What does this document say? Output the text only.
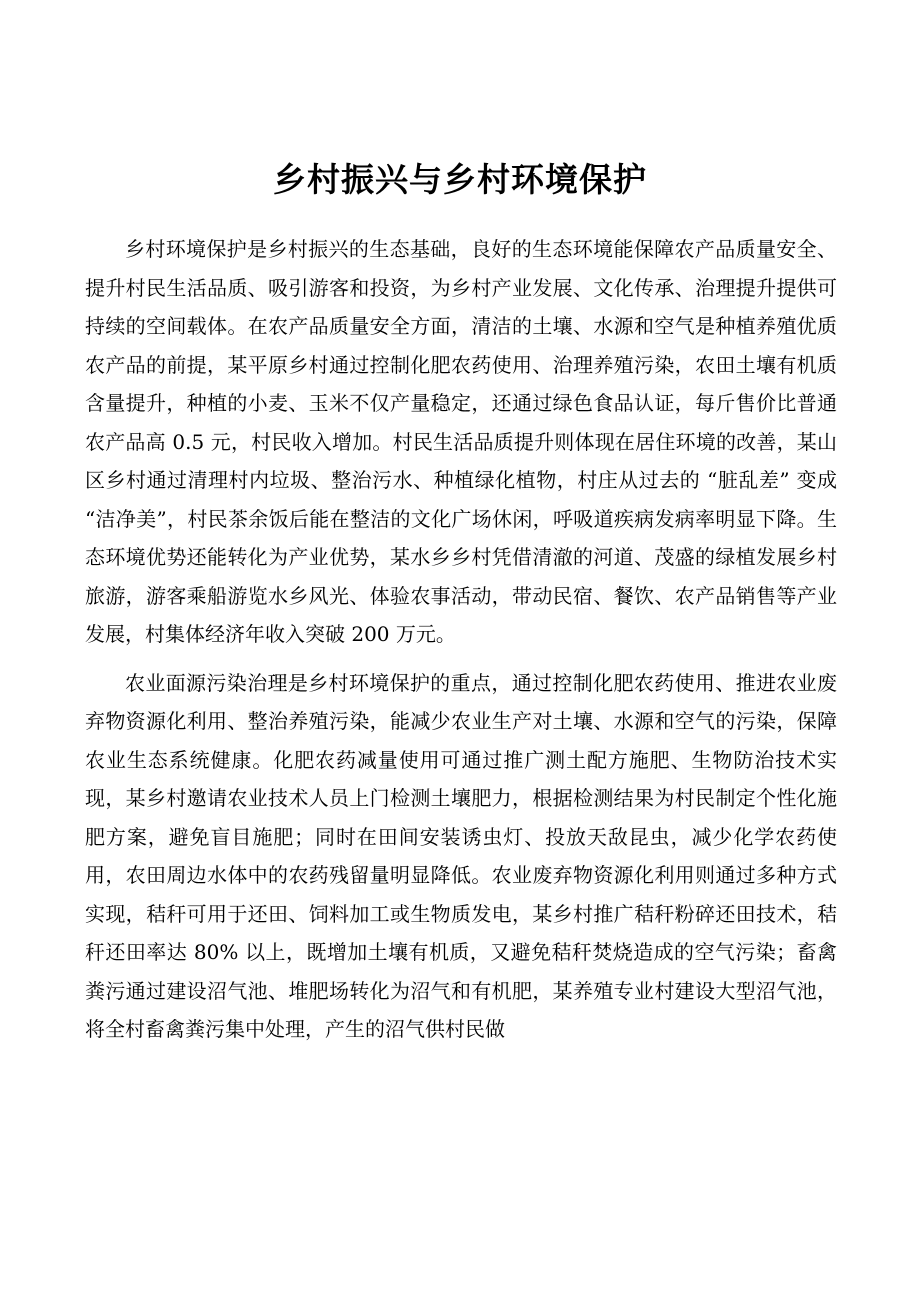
乡村振兴与乡村环境保护

乡村环境保护是乡村振兴的生态基础，良好的生态环境能保障农产品质量安全、提升村民生活品质、吸引游客和投资，为乡村产业发展、文化传承、治理提升提供可持续的空间载体。在农产品质量安全方面，清洁的土壤、水源和空气是种植养殖优质农产品的前提，某平原乡村通过控制化肥农药使用、治理养殖污染，农田土壤有机质含量提升，种植的小麦、玉米不仅产量稳定，还通过绿色食品认证，每斤售价比普通农产品高 0.5 元，村民收入增加。村民生活品质提升则体现在居住环境的改善，某山区乡村通过清理村内垃圾、整治污水、种植绿化植物，村庄从过去的 “脏乱差” 变成 “洁净美”，村民茶余饭后能在整洁的文化广场休闲，呼吸道疾病发病率明显下降。生态环境优势还能转化为产业优势，某水乡乡村凭借清澈的河道、茂盛的绿植发展乡村旅游，游客乘船游览水乡风光、体验农事活动，带动民宿、餐饮、农产品销售等产业发展，村集体经济年收入突破 200 万元。

农业面源污染治理是乡村环境保护的重点，通过控制化肥农药使用、推进农业废弃物资源化利用、整治养殖污染，能减少农业生产对土壤、水源和空气的污染，保障农业生态系统健康。化肥农药减量使用可通过推广测土配方施肥、生物防治技术实现，某乡村邀请农业技术人员上门检测土壤肥力，根据检测结果为村民制定个性化施肥方案，避免盲目施肥；同时在田间安装诱虫灯、投放天敌昆虫，减少化学农药使用，农田周边水体中的农药残留量明显降低。农业废弃物资源化利用则通过多种方式实现，秸秆可用于还田、饲料加工或生物质发电，某乡村推广秸秆粉碎还田技术，秸秆还田率达 80% 以上，既增加土壤有机质，又避免秸秆焚烧造成的空气污染；畜禽粪污通过建设沼气池、堆肥场转化为沼气和有机肥，某养殖专业村建设大型沼气池，将全村畜禽粪污集中处理，产生的沼气供村民做
